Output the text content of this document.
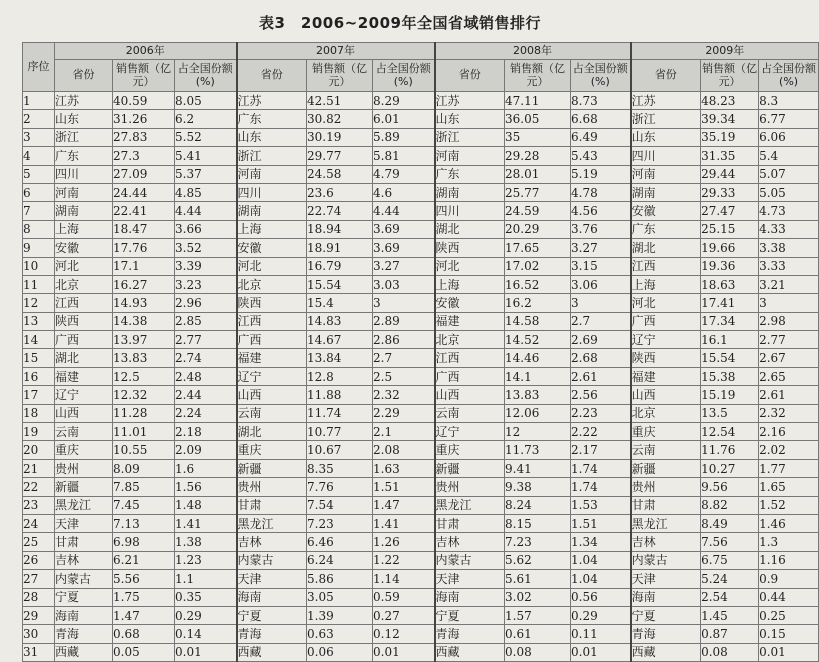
表3　2006~2009年全国省域销售排行
序位	2006年			2007年			2008年			2009年		
	省份	销售额（亿元）	占全国份额(%)	省份	销售额（亿元）	占全国份额(%)	省份	销售额（亿元）	占全国份额(%)	省份	销售额（亿元）	占全国份额(%)
1	江苏	40.59	8.05	江苏	42.51	8.29	江苏	47.11	8.73	江苏	48.23	8.3
2	山东	31.26	6.2	广东	30.82	6.01	山东	36.05	6.68	浙江	39.34	6.77
3	浙江	27.83	5.52	山东	30.19	5.89	浙江	35	6.49	山东	35.19	6.06
4	广东	27.3	5.41	浙江	29.77	5.81	河南	29.28	5.43	四川	31.35	5.4
5	四川	27.09	5.37	河南	24.58	4.79	广东	28.01	5.19	河南	29.44	5.07
6	河南	24.44	4.85	四川	23.6	4.6	湖南	25.77	4.78	湖南	29.33	5.05
7	湖南	22.41	4.44	湖南	22.74	4.44	四川	24.59	4.56	安徽	27.47	4.73
8	上海	18.47	3.66	上海	18.94	3.69	湖北	20.29	3.76	广东	25.15	4.33
9	安徽	17.76	3.52	安徽	18.91	3.69	陕西	17.65	3.27	湖北	19.66	3.38
10	河北	17.1	3.39	河北	16.79	3.27	河北	17.02	3.15	江西	19.36	3.33
11	北京	16.27	3.23	北京	15.54	3.03	上海	16.52	3.06	上海	18.63	3.21
12	江西	14.93	2.96	陕西	15.4	3	安徽	16.2	3	河北	17.41	3
13	陕西	14.38	2.85	江西	14.83	2.89	福建	14.58	2.7	广西	17.34	2.98
14	广西	13.97	2.77	广西	14.67	2.86	北京	14.52	2.69	辽宁	16.1	2.77
15	湖北	13.83	2.74	福建	13.84	2.7	江西	14.46	2.68	陕西	15.54	2.67
16	福建	12.5	2.48	辽宁	12.8	2.5	广西	14.1	2.61	福建	15.38	2.65
17	辽宁	12.32	2.44	山西	11.88	2.32	山西	13.83	2.56	山西	15.19	2.61
18	山西	11.28	2.24	云南	11.74	2.29	云南	12.06	2.23	北京	13.5	2.32
19	云南	11.01	2.18	湖北	10.77	2.1	辽宁	12	2.22	重庆	12.54	2.16
20	重庆	10.55	2.09	重庆	10.67	2.08	重庆	11.73	2.17	云南	11.76	2.02
21	贵州	8.09	1.6	新疆	8.35	1.63	新疆	9.41	1.74	新疆	10.27	1.77
22	新疆	7.85	1.56	贵州	7.76	1.51	贵州	9.38	1.74	贵州	9.56	1.65
23	黑龙江	7.45	1.48	甘肃	7.54	1.47	黑龙江	8.24	1.53	甘肃	8.82	1.52
24	天津	7.13	1.41	黑龙江	7.23	1.41	甘肃	8.15	1.51	黑龙江	8.49	1.46
25	甘肃	6.98	1.38	吉林	6.46	1.26	吉林	7.23	1.34	吉林	7.56	1.3
26	吉林	6.21	1.23	内蒙古	6.24	1.22	内蒙古	5.62	1.04	内蒙古	6.75	1.16
27	内蒙古	5.56	1.1	天津	5.86	1.14	天津	5.61	1.04	天津	5.24	0.9
28	宁夏	1.75	0.35	海南	3.05	0.59	海南	3.02	0.56	海南	2.54	0.44
29	海南	1.47	0.29	宁夏	1.39	0.27	宁夏	1.57	0.29	宁夏	1.45	0.25
30	青海	0.68	0.14	青海	0.63	0.12	青海	0.61	0.11	青海	0.87	0.15
31	西藏	0.05	0.01	西藏	0.06	0.01	西藏	0.08	0.01	西藏	0.08	0.01
